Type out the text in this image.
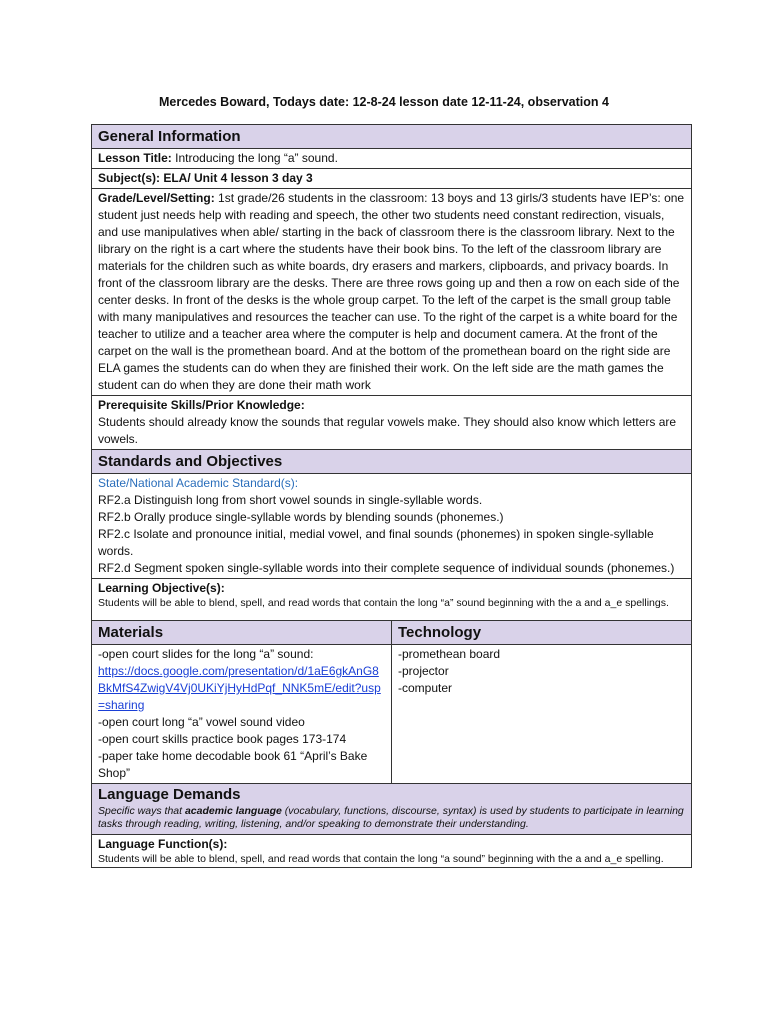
Mercedes Boward, Todays date: 12-8-24 lesson date 12-11-24, observation 4
General Information
Lesson Title: Introducing the long “a” sound.
Subject(s): ELA/ Unit 4 lesson 3 day 3
Grade/Level/Setting: 1st grade/26 students in the classroom: 13 boys and 13 girls/3 students have IEP’s: one student just needs help with reading and speech, the other two students need constant redirection, visuals, and use manipulatives when able/ starting in the back of classroom there is the classroom library. Next to the library on the right is a cart where the students have their book bins. To the left of the classroom library are materials for the children such as white boards, dry erasers and markers, clipboards, and privacy boards. In front of the classroom library are the desks. There are three rows going up and then a row on each side of the center desks. In front of the desks is the whole group carpet. To the left of the carpet is the small group table with many manipulatives and resources the teacher can use. To the right of the carpet is a white board for the teacher to utilize and a teacher area where the computer is help and document camera. At the front of the carpet on the wall is the promethean board. And at the bottom of the promethean board on the right side are ELA games the students can do when they are finished their work. On the left side are the math games the student can do when they are done their math work
Prerequisite Skills/Prior Knowledge:
Students should already know the sounds that regular vowels make. They should also know which letters are vowels.
Standards and Objectives
State/National Academic Standard(s):
RF2.a Distinguish long from short vowel sounds in single-syllable words.
RF2.b Orally produce single-syllable words by blending sounds (phonemes.)
RF2.c Isolate and pronounce initial, medial vowel, and final sounds (phonemes) in spoken single-syllable words.
RF2.d Segment spoken single-syllable words into their complete sequence of individual sounds (phonemes.)
Learning Objective(s):
Students will be able to blend, spell, and read words that contain the long “a” sound beginning with the a and a_e spellings.
Materials	Technology
-open court slides for the long “a” sound:
https://docs.google.com/presentation/d/1aE6gkAnG8BkMfS4ZwigV4Vj0UKiYjHyHdPqf_NNK5mE/edit?usp=sharing
-open court long “a” vowel sound video
-open court skills practice book pages 173-174
-paper take home decodable book 61 “April’s Bake Shop”
-promethean board
-projector
-computer
Language Demands
Specific ways that academic language (vocabulary, functions, discourse, syntax) is used by students to participate in learning tasks through reading, writing, listening, and/or speaking to demonstrate their understanding.
Language Function(s):
Students will be able to blend, spell, and read words that contain the long “a sound” beginning with the a and a_e spelling.
